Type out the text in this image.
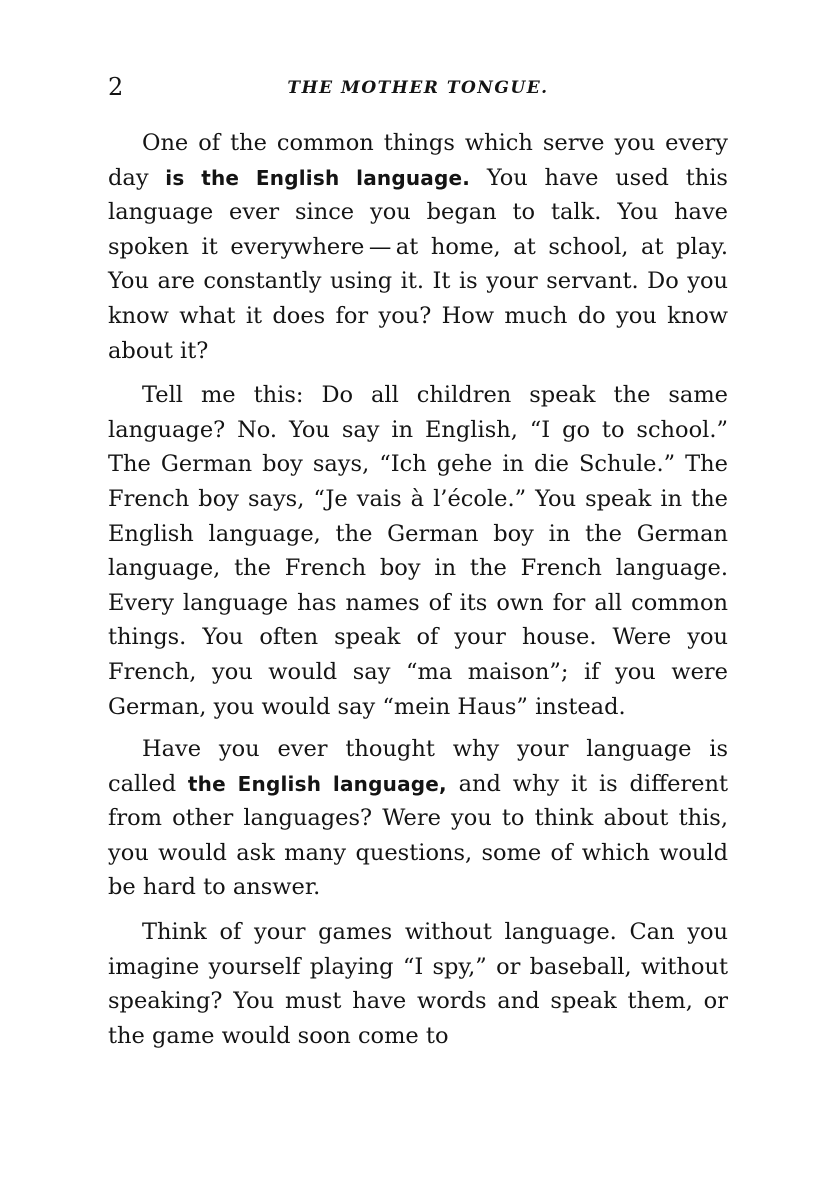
2	THE MOTHER TONGUE.

One of the common things which serve you every day is the English language. You have used this language ever since you began to talk. You have spoken it everywhere — at home, at school, at play. You are constantly using it. It is your servant. Do you know what it does for you? How much do you know about it?

Tell me this: Do all children speak the same language? No. You say in English, “I go to school.” The German boy says, “Ich gehe in die Schule.” The French boy says, “Je vais à l’école.” You speak in the English language, the German boy in the German language, the French boy in the French language. Every language has names of its own for all common things. You often speak of your house. Were you French, you would say “ma maison”; if you were German, you would say “mein Haus” instead.

Have you ever thought why your language is called the English language, and why it is different from other languages? Were you to think about this, you would ask many questions, some of which would be hard to answer.

Think of your games without language. Can you imagine yourself playing “I spy,” or baseball, without speaking? You must have words and speak them, or the game would soon come to
